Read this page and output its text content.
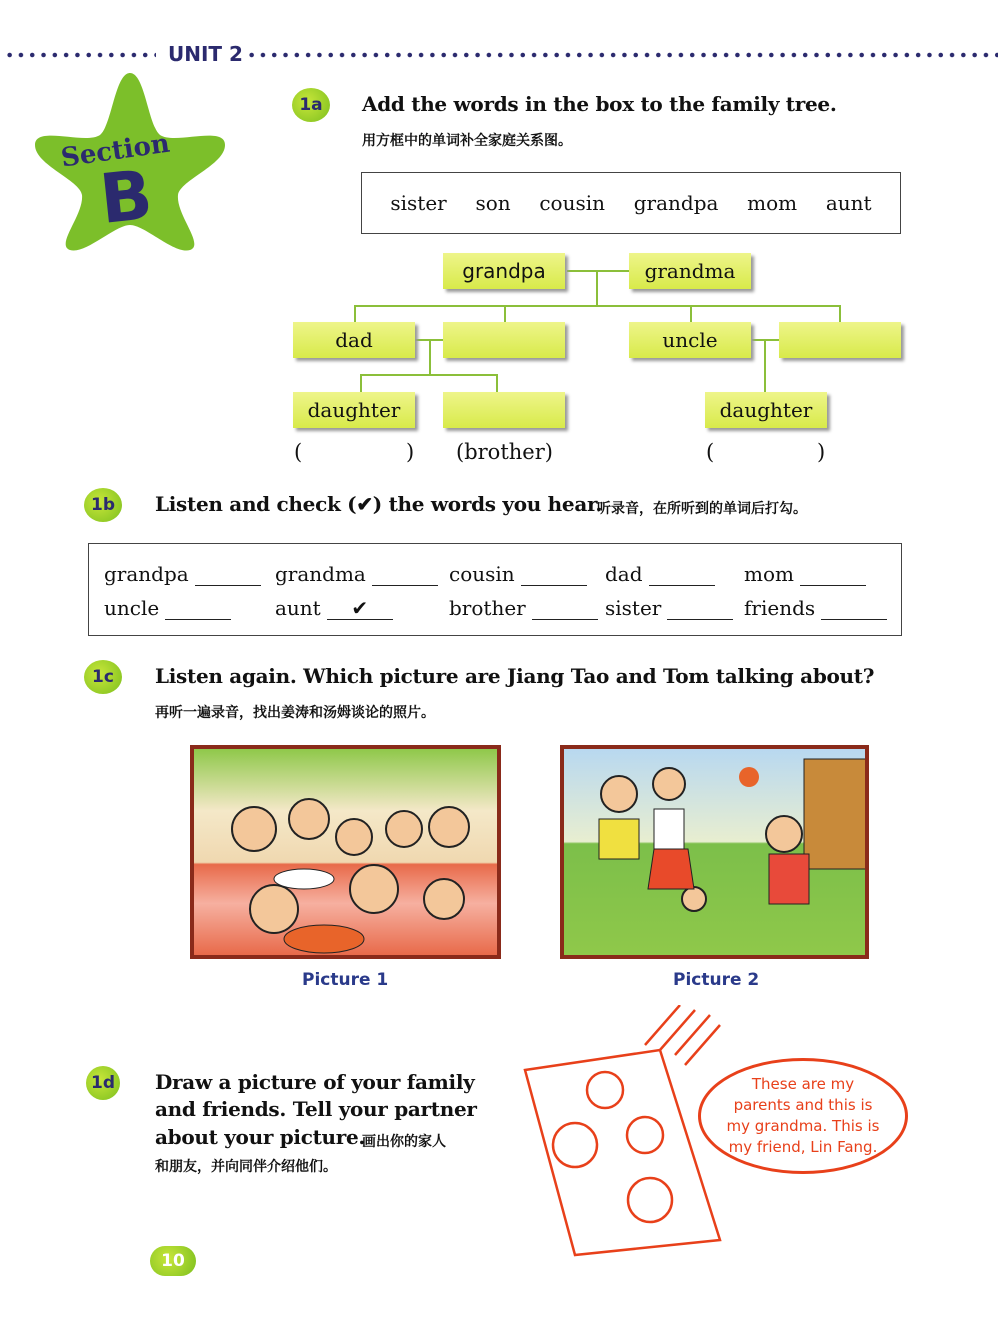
UNIT 2
Section
B
1a	Add the words in the box to the family tree.
用方框中的单词补全家庭关系图。
sister son cousin grandpa mom aunt
grandpa	grandma
dad	uncle
daughter	daughter
(	) (brother)	(	)
1b	Listen and check (✔) the words you hear.
听录音，在所听到的单词后打勾。
grandpa	grandma	cousin	dad	mom
uncle	aunt	✔	brother	sister	friends
1c	Listen again. Which picture are Jiang Tao and Tom talking about?
再听一遍录音，找出姜涛和汤姆谈论的照片。
Picture 1	Picture 2
1d Draw a picture of your family
and friends. Tell your partner
about your picture.
画出你的家人
和朋友，并向同伴介绍他们。
These are my
parents and this is
my grandma. This is
my friend, Lin Fang.
10
